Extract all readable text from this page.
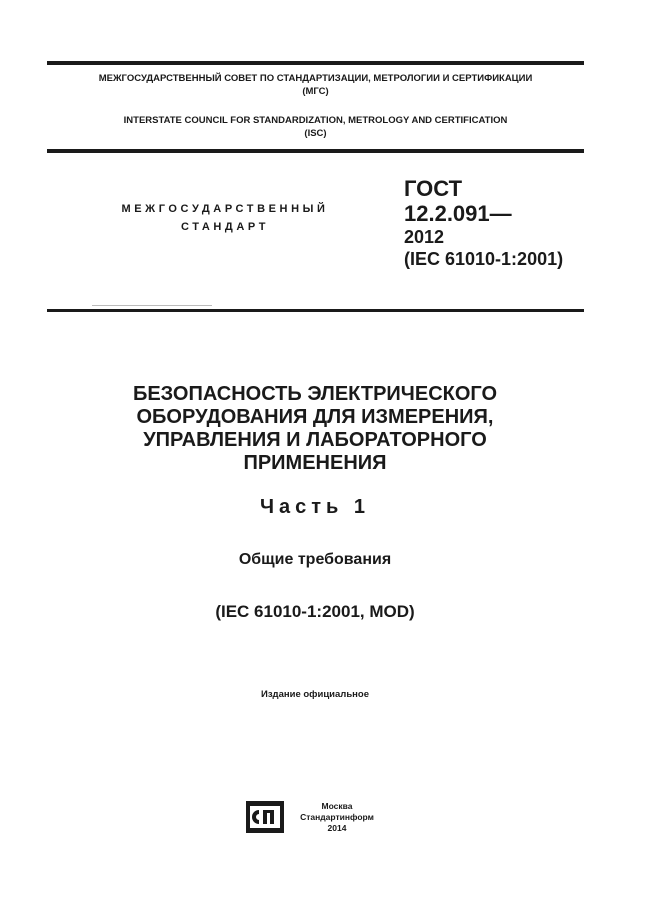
МЕЖГОСУДАРСТВЕННЫЙ СОВЕТ ПО СТАНДАРТИЗАЦИИ, МЕТРОЛОГИИ И СЕРТИФИКАЦИИ
(МГС)
INTERSTATE COUNCIL FOR STANDARDIZATION, METROLOGY AND CERTIFICATION
(ISC)
МЕЖГОСУДАРСТВЕННЫЙ
СТАНДАРТ
ГОСТ
12.2.091—
2012
(IEC 61010-1:2001)
БЕЗОПАСНОСТЬ ЭЛЕКТРИЧЕСКОГО
ОБОРУДОВАНИЯ ДЛЯ ИЗМЕРЕНИЯ,
УПРАВЛЕНИЯ И ЛАБОРАТОРНОГО
ПРИМЕНЕНИЯ
Часть 1
Общие требования
(IEC 61010-1:2001, MOD)
Издание официальное
Москва
Стандартинформ
2014
